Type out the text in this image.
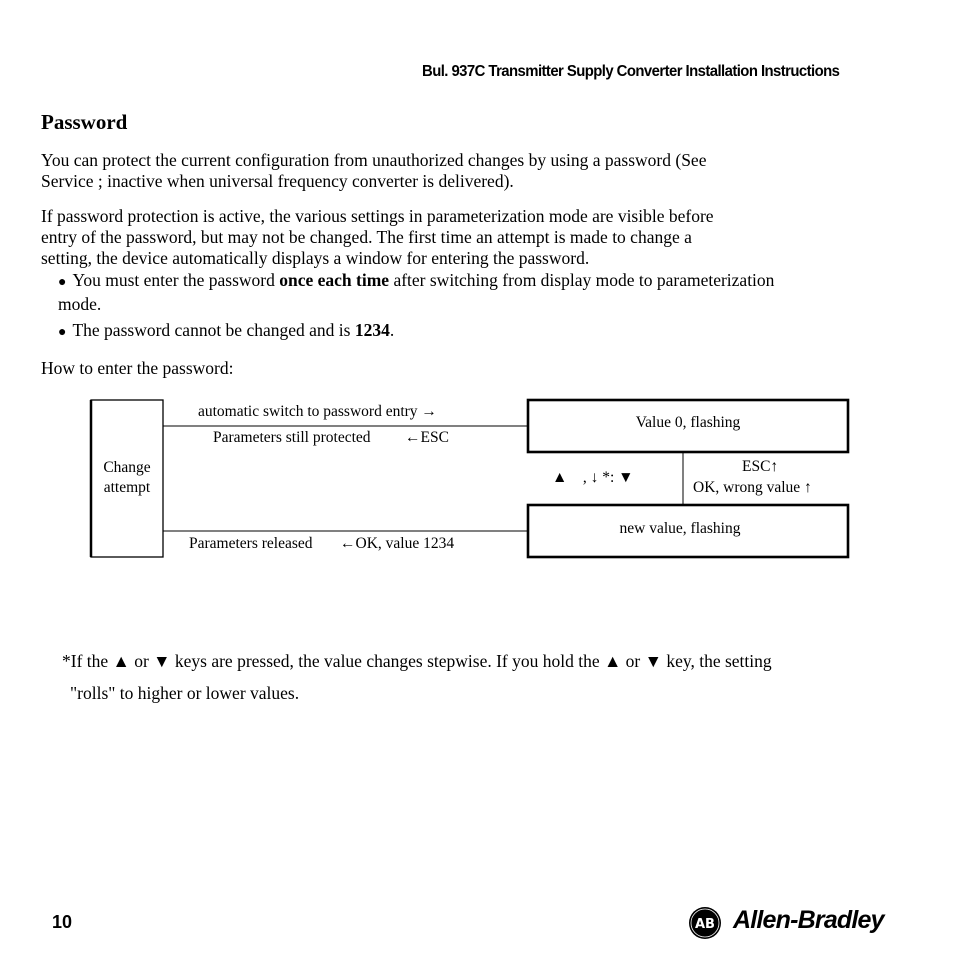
Bul. 937C Transmitter Supply Converter Installation Instructions
Password
You can protect the current configuration from unauthorized changes by using a password (See
Service ; inactive when universal frequency converter is delivered).
If password protection is active, the various settings in parameterization mode are visible before
entry of the password, but may not be changed. The first time an attempt is made to change a
setting, the device automatically displays a window for entering the password.
● You must enter the password once each time after switching from display mode to parameterization
mode.
● The password cannot be changed and is 1234.
How to enter the password:
Change
attempt
automatic switch to password entry →
Parameters still protected ←ESC
Value 0, flashing
▲    , ↓ *: ▼
ESC↑
OK, wrong value ↑
new value, flashing
Parameters released ←OK, value 1234
*If the ▲ or ▼ keys are pressed, the value changes stepwise. If you hold the ▲ or ▼ key, the setting
"rolls" to higher or lower values.
10	AB Allen-Bradley
